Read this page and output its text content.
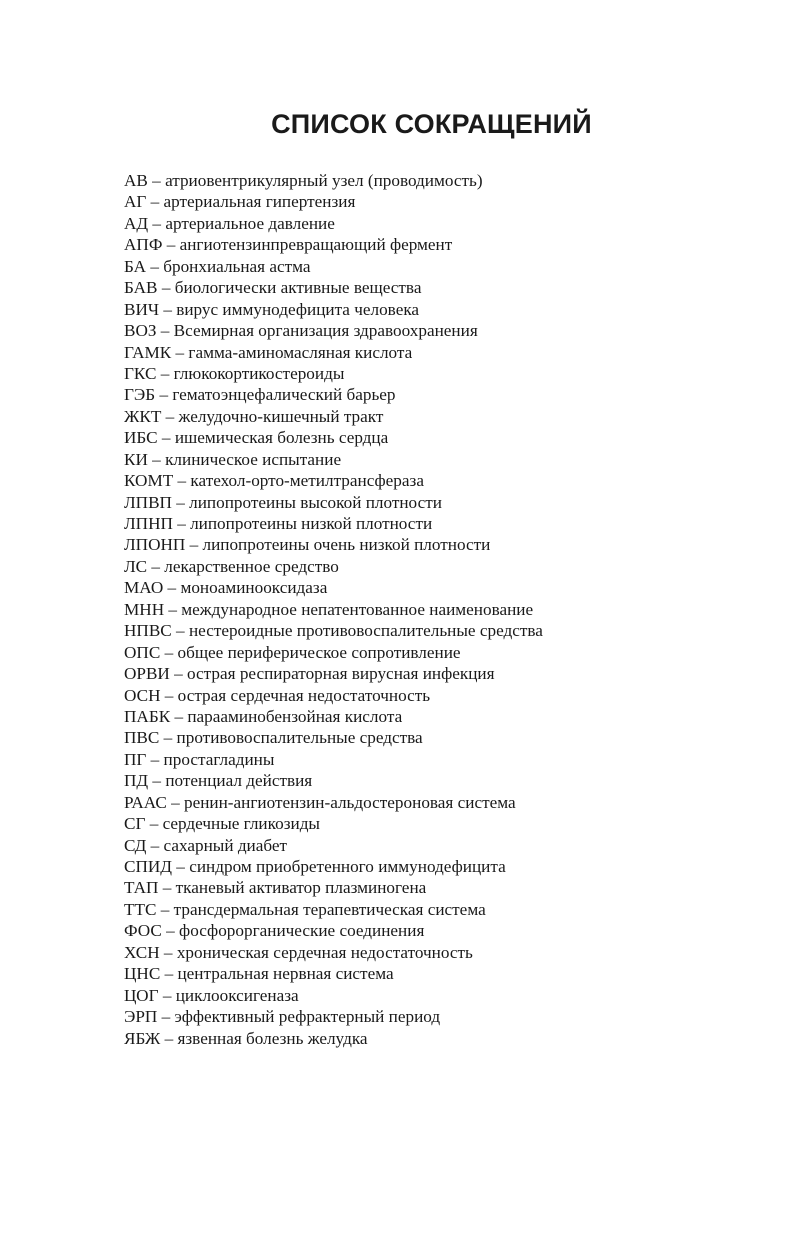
СПИСОК СОКРАЩЕНИЙ
АВ – атриовентрикулярный узел (проводимость)
АГ – артериальная гипертензия
АД – артериальное давление
АПФ – ангиотензинпревращающий фермент
БА – бронхиальная астма
БАВ – биологически активные вещества
ВИЧ – вирус иммунодефицита человека
ВОЗ – Всемирная организация здравоохранения
ГАМК – гамма-аминомасляная кислота
ГКС – глюкокортикостероиды
ГЭБ – гематоэнцефалический барьер
ЖКТ – желудочно-кишечный тракт
ИБС – ишемическая болезнь сердца
КИ – клиническое испытание
КОМТ – катехол-орто-метилтрансфераза
ЛПВП – липопротеины высокой плотности
ЛПНП – липопротеины низкой плотности
ЛПОНП – липопротеины очень низкой плотности
ЛС – лекарственное средство
МАО – моноаминооксидаза
МНН – международное непатентованное наименование
НПВС – нестероидные противовоспалительные средства
ОПС – общее периферическое сопротивление
ОРВИ – острая респираторная вирусная инфекция
ОСН – острая сердечная недостаточность
ПАБК – парааминобензойная кислота
ПВС – противовоспалительные средства
ПГ – простагладины
ПД – потенциал действия
РААС – ренин-ангиотензин-альдостероновая система
СГ – сердечные гликозиды
СД – сахарный диабет
СПИД – синдром приобретенного иммунодефицита
ТАП – тканевый активатор плазминогена
ТТС – трансдермальная терапевтическая система
ФОС – фосфорорганические соединения
ХСН – хроническая сердечная недостаточность
ЦНС – центральная нервная система
ЦОГ – циклооксигеназа
ЭРП – эффективный рефрактерный период
ЯБЖ – язвенная болезнь желудка
